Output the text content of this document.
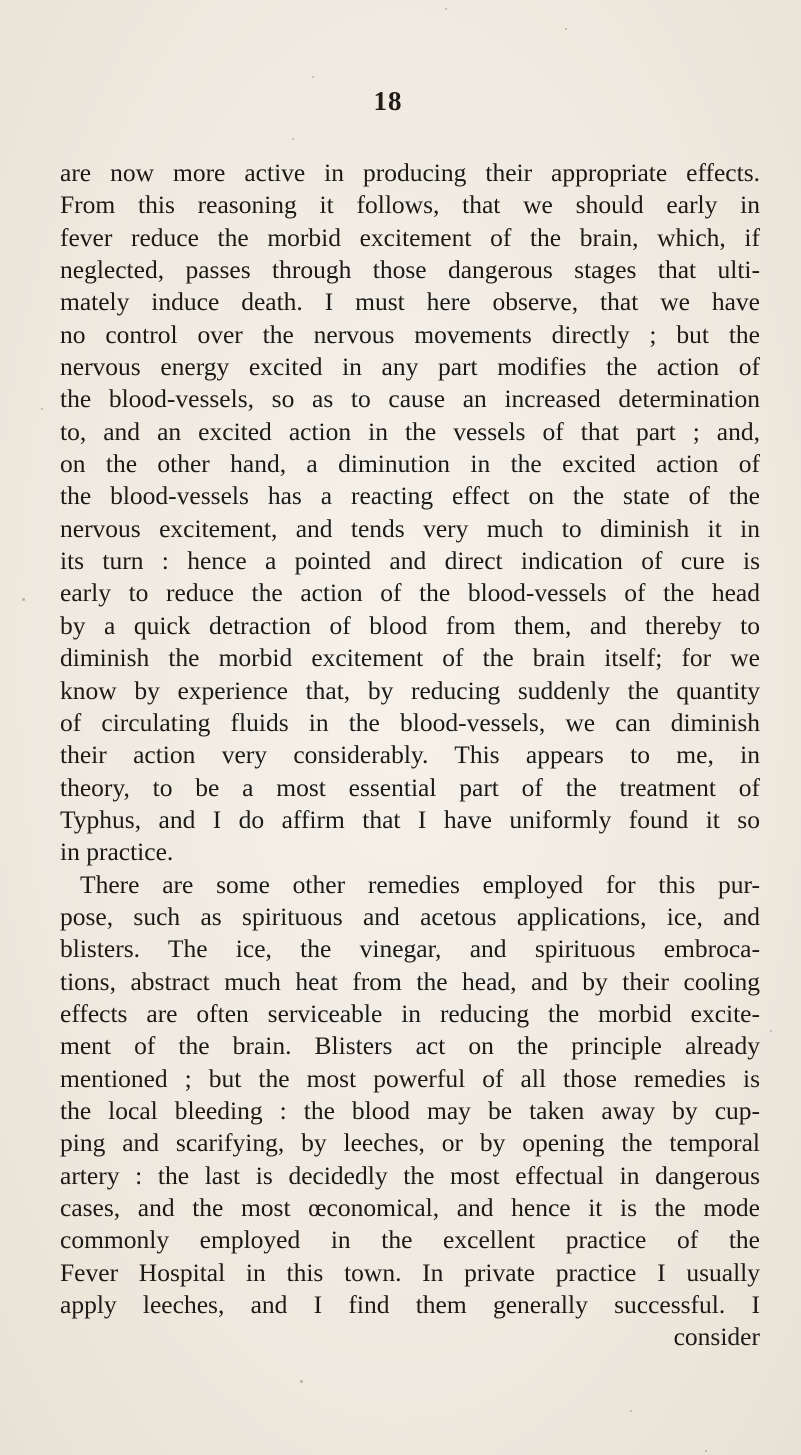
18
are now more active in producing their appropriate effects.
From this reasoning it follows, that we should early in
fever reduce the morbid excitement of the brain, which, if
neglected, passes through those dangerous stages that ulti-
mately induce death. I must here observe, that we have
no control over the nervous movements directly ; but the
nervous energy excited in any part modifies the action of
the blood-vessels, so as to cause an increased determination
to, and an excited action in the vessels of that part ; and,
on the other hand, a diminution in the excited action of
the blood-vessels has a reacting effect on the state of the
nervous excitement, and tends very much to diminish it in
its turn : hence a pointed and direct indication of cure is
early to reduce the action of the blood-vessels of the head
by a quick detraction of blood from them, and thereby to
diminish the morbid excitement of the brain itself; for we
know by experience that, by reducing suddenly the quantity
of circulating fluids in the blood-vessels, we can diminish
their action very considerably. This appears to me, in
theory, to be a most essential part of the treatment of
Typhus, and I do affirm that I have uniformly found it so
in practice.
There are some other remedies employed for this pur-
pose, such as spirituous and acetous applications, ice, and
blisters. The ice, the vinegar, and spirituous embroca-
tions, abstract much heat from the head, and by their cooling
effects are often serviceable in reducing the morbid excite-
ment of the brain. Blisters act on the principle already
mentioned ; but the most powerful of all those remedies is
the local bleeding : the blood may be taken away by cup-
ping and scarifying, by leeches, or by opening the temporal
artery : the last is decidedly the most effectual in dangerous
cases, and the most œconomical, and hence it is the mode
commonly employed in the excellent practice of the
Fever Hospital in this town. In private practice I usually
apply leeches, and I find them generally successful. I
consider
